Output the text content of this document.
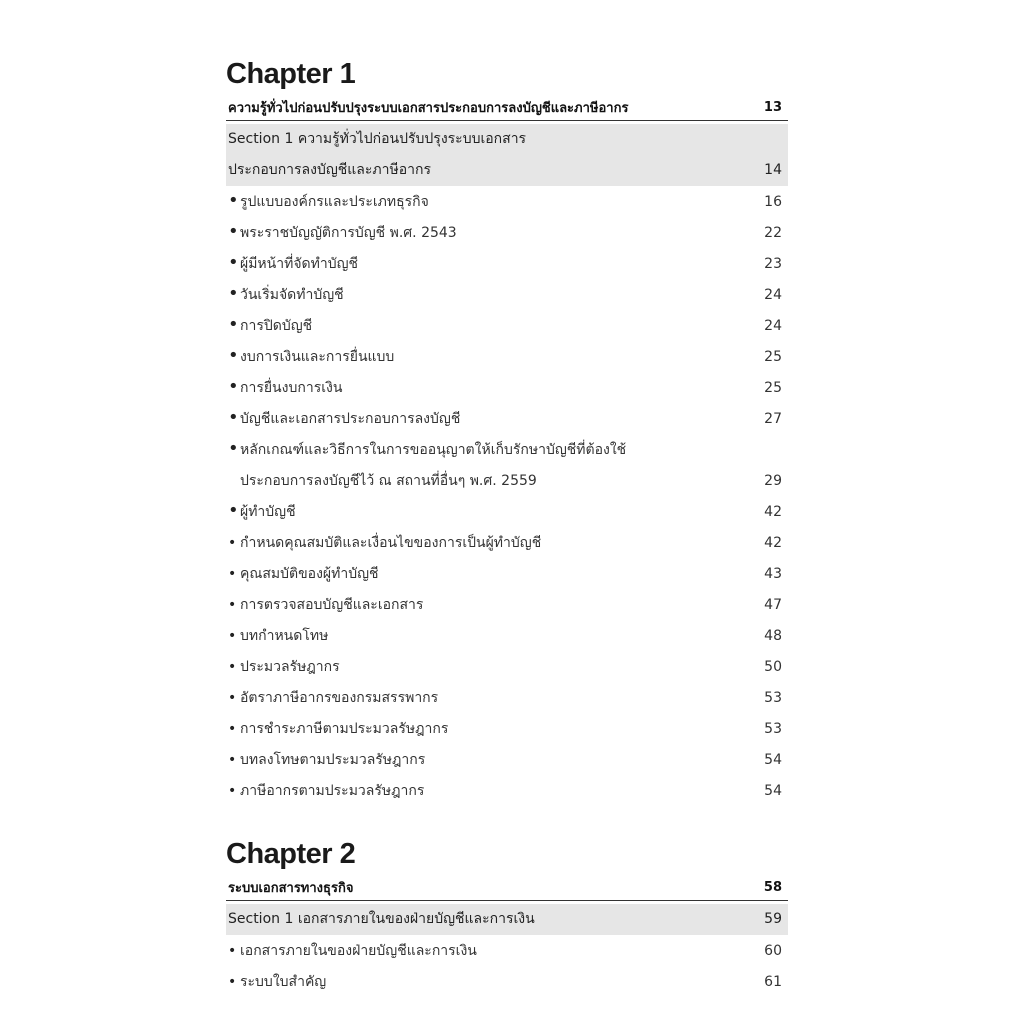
Chapter 1
ความรู้ทั่วไปก่อนปรับปรุงระบบเอกสารประกอบการลงบัญชีและภาษีอากร	13
Section 1 ความรู้ทั่วไปก่อนปรับปรุงระบบเอกสาร
ประกอบการลงบัญชีและภาษีอากร	14
•รูปแบบองค์กรและประเภทธุรกิจ	16
•พระราชบัญญัติการบัญชี พ.ศ. 2543	22
•ผู้มีหน้าที่จัดทำบัญชี	23
•วันเริ่มจัดทำบัญชี	24
•การปิดบัญชี	24
•งบการเงินและการยื่นแบบ	25
•การยื่นงบการเงิน	25
•บัญชีและเอกสารประกอบการลงบัญชี	27
•หลักเกณฑ์และวิธีการในการขออนุญาตให้เก็บรักษาบัญชีที่ต้องใช้
ประกอบการลงบัญชีไว้ ณ สถานที่อื่นๆ พ.ศ. 2559	29
•ผู้ทำบัญชี	42
• กำหนดคุณสมบัติและเงื่อนไขของการเป็นผู้ทำบัญชี	42
• คุณสมบัติของผู้ทำบัญชี	43
• การตรวจสอบบัญชีและเอกสาร	47
• บทกำหนดโทษ	48
• ประมวลรัษฎากร	50
• อัตราภาษีอากรของกรมสรรพากร	53
• การชำระภาษีตามประมวลรัษฎากร	53
• บทลงโทษตามประมวลรัษฎากร	54
• ภาษีอากรตามประมวลรัษฎากร	54
Chapter 2
ระบบเอกสารทางธุรกิจ	58
Section 1 เอกสารภายในของฝ่ายบัญชีและการเงิน	59
• เอกสารภายในของฝ่ายบัญชีและการเงิน	60
• ระบบใบสำคัญ	61
